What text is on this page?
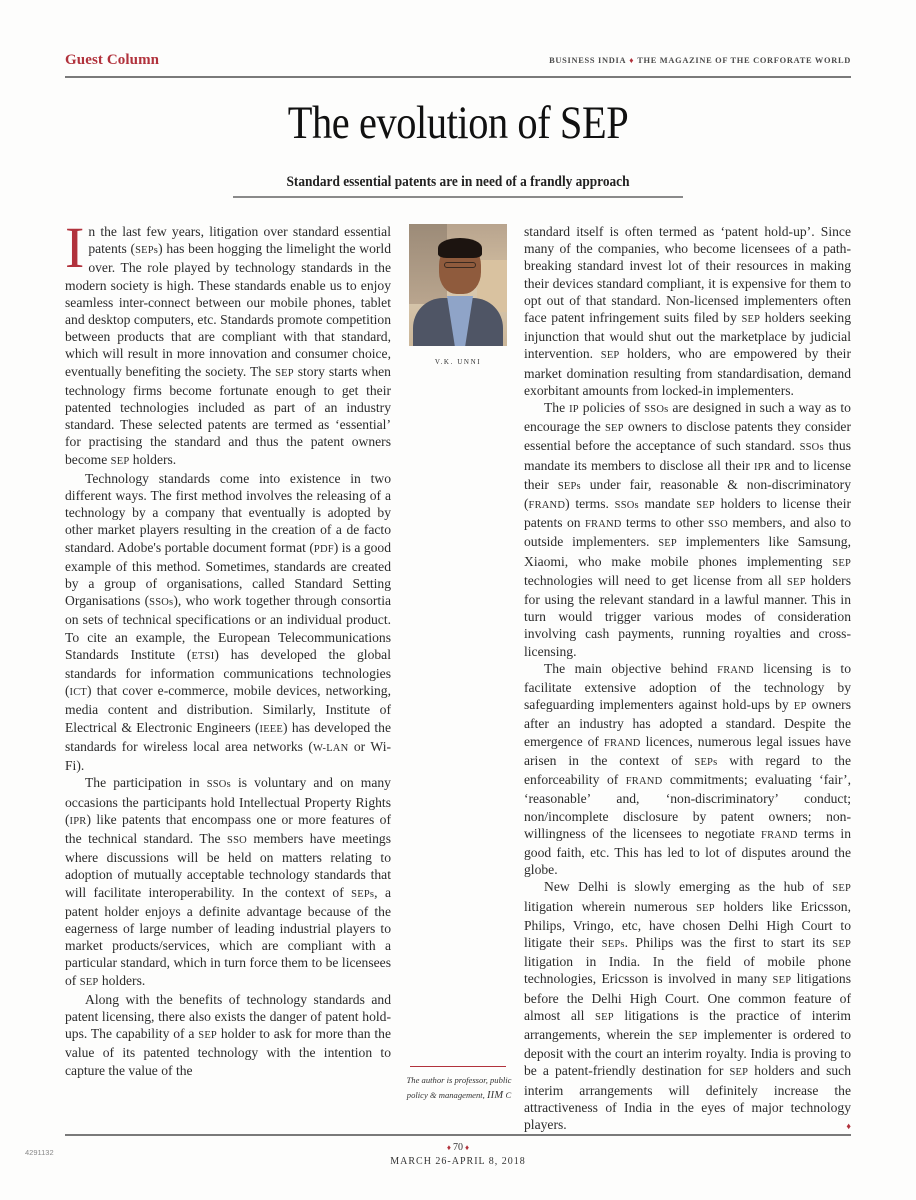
Guest Column	BUSINESS INDIA ♦ THE MAGAZINE OF THE CORFORATE WORLD
The evolution of SEP
Standard essential patents are in need of a frandly approach

In the last few years, litigation over standard essential patents (SEPs) has been hogging the limelight the world over. The role played by technology standards in the modern society is high. These standards enable us to enjoy seamless inter-connect between our mobile phones, tablet and desktop computers, etc. Standards promote competition between products that are compliant with that standard, which will result in more innovation and consumer choice, eventually benefiting the society. The SEP story starts when technology firms become fortunate enough to get their patented technologies included as part of an industry standard. These selected patents are termed as ‘essential’ for practising the standard and thus the patent owners become SEP holders.

Technology standards come into existence in two different ways. The first method involves the releasing of a technology by a company that eventually is adopted by other market players resulting in the creation of a de facto standard. Adobe's portable document format (PDF) is a good example of this method. Sometimes, standards are created by a group of organisations, called Standard Setting Organisations (SSOs), who work together through consortia on sets of technical specifications or an individual product. To cite an example, the European Telecommunications Standards Institute (ETSI) has developed the global standards for information communications technologies (ICT) that cover e-commerce, mobile devices, networking, media content and distribution. Similarly, Institute of Electrical & Electronic Engineers (IEEE) has developed the standards for wireless local area networks (W-LAN or Wi-Fi).

The participation in SSOs is voluntary and on many occasions the participants hold Intellectual Property Rights (IPR) like patents that encompass one or more features of the technical standard. The SSO members have meetings where discussions will be held on matters relating to adoption of mutually acceptable technology standards that will facilitate interoperability. In the context of SEPs, a patent holder enjoys a definite advantage because of the eagerness of large number of leading industrial players to market products/services, which are compliant with a particular standard, which in turn force them to be licensees of SEP holders.

Along with the benefits of technology standards and patent licensing, there also exists the danger of patent hold-ups. The capability of a SEP holder to ask for more than the value of its patented technology with the intention to capture the value of the

V.K. UNNI
The author is professor, public policy & management, IIM C

standard itself is often termed as ‘patent hold-up’. Since many of the companies, who become licensees of a path-breaking standard invest lot of their resources in making their devices standard compliant, it is expensive for them to opt out of that standard. Non-licensed implementers often face patent infringement suits filed by SEP holders seeking injunction that would shut out the marketplace by judicial intervention. SEP holders, who are empowered by their market domination resulting from standardisation, demand exorbitant amounts from locked-in implementers.

The IP policies of SSOs are designed in such a way as to encourage the SEP owners to disclose patents they consider essential before the acceptance of such standard. SSOs thus mandate its members to disclose all their IPR and to license their SEPs under fair, reasonable & non-discriminatory (FRAND) terms. SSOs mandate SEP holders to license their patents on FRAND terms to other SSO members, and also to outside implementers. SEP implementers like Samsung, Xiaomi, who make mobile phones implementing SEP technologies will need to get license from all SEP holders for using the relevant standard in a lawful manner. This in turn would trigger various modes of consideration involving cash payments, running royalties and cross-licensing.

The main objective behind FRAND licensing is to facilitate extensive adoption of the technology by safeguarding implementers against hold-ups by EP owners after an industry has adopted a standard. Despite the emergence of FRAND licences, numerous legal issues have arisen in the context of SEPs with regard to the enforceability of FRAND commitments; evaluating ‘fair’, ‘reasonable’ and, ‘non-discriminatory’ conduct; non/incomplete disclosure by patent owners; non-willingness of the licensees to negotiate FRAND terms in good faith, etc. This has led to lot of disputes around the globe.

New Delhi is slowly emerging as the hub of SEP litigation wherein numerous SEP holders like Ericsson, Philips, Vringo, etc, have chosen Delhi High Court to litigate their SEPs. Philips was the first to start its SEP litigation in India. In the field of mobile phone technologies, Ericsson is involved in many SEP litigations before the Delhi High Court. One common feature of almost all SEP litigations is the practice of interim arrangements, wherein the SEP implementer is ordered to deposit with the court an interim royalty. India is proving to be a patent-friendly destination for SEP holders and such interim arrangements will definitely increase the attractiveness of India in the eyes of major technology players.	♦

4291132
♦ 70 ♦
MARCH 26-APRIL 8, 2018
